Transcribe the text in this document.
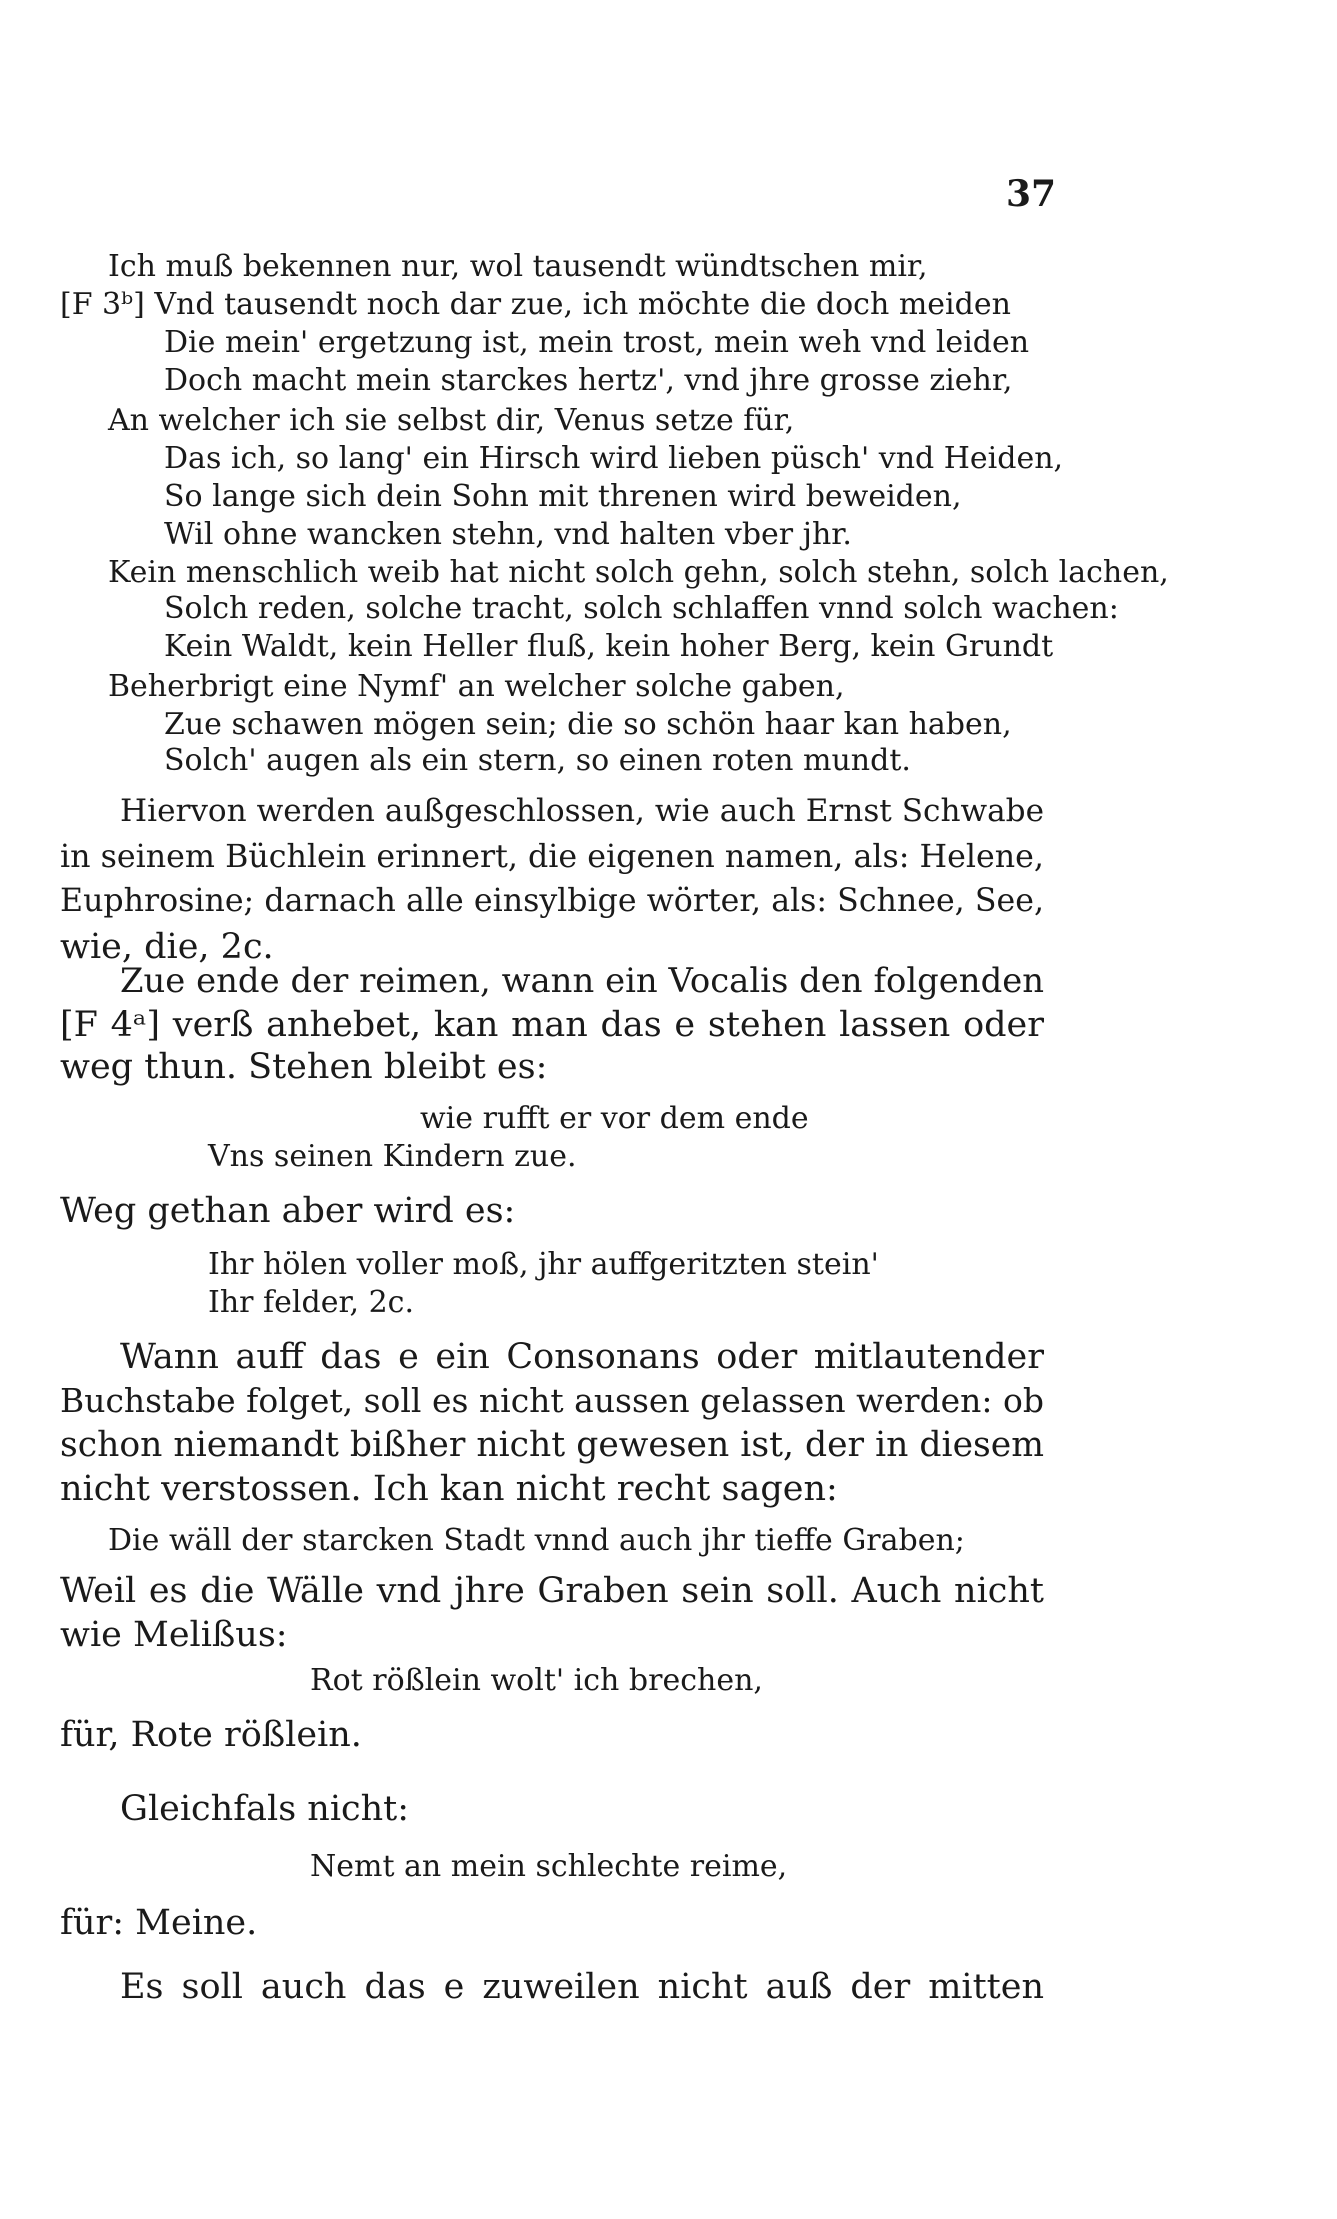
37
Ich muß bekennen nur, wol tausendt wündtschen mir,
[F 3ᵇ] Vnd tausendt noch dar zue, ich möchte die doch meiden
Die mein' ergetzung ist, mein trost, mein weh vnd leiden
Doch macht mein starckes hertz', vnd jhre grosse ziehr,
An welcher ich sie selbst dir, Venus setze für,
Das ich, so lang' ein Hirsch wird lieben püsch' vnd Heiden,
So lange sich dein Sohn mit threnen wird beweiden,
Wil ohne wancken stehn, vnd halten vber jhr.
Kein menschlich weib hat nicht solch gehn, solch stehn, solch lachen,
Solch reden, solche tracht, solch schlaffen vnnd solch wachen:
Kein Waldt, kein Heller fluß, kein hoher Berg, kein Grundt
Beherbrigt eine Nymf' an welcher solche gaben,
Zue schawen mögen sein; die so schön haar kan haben,
Solch' augen als ein stern, so einen roten mundt.
Hiervon werden außgeschlossen, wie auch Ernst Schwabe
in seinem Büchlein erinnert, die eigenen namen, als: Helene,
Euphrosine; darnach alle einsylbige wörter, als: Schnee, See,
wie, die, 2c.
Zue ende der reimen, wann ein Vocalis den folgenden
[F 4ᵃ] verß anhebet, kan man das e stehen lassen oder
weg thun. Stehen bleibt es:
wie rufft er vor dem ende
Vns seinen Kindern zue.
Weg gethan aber wird es:
Ihr hölen voller moß, jhr auffgeritzten stein'
Ihr felder, 2c.
Wann auff das e ein Consonans oder mitlautender
Buchstabe folget, soll es nicht aussen gelassen werden: ob
schon niemandt bißher nicht gewesen ist, der in diesem
nicht verstossen. Ich kan nicht recht sagen:
Die wäll der starcken Stadt vnnd auch jhr tieffe Graben;
Weil es die Wälle vnd jhre Graben sein soll. Auch nicht
wie Melißus:
Rot rößlein wolt' ich brechen,
für, Rote rößlein.
Gleichfals nicht:
Nemt an mein schlechte reime,
für: Meine.
Es soll auch das e zuweilen nicht auß der mitten
